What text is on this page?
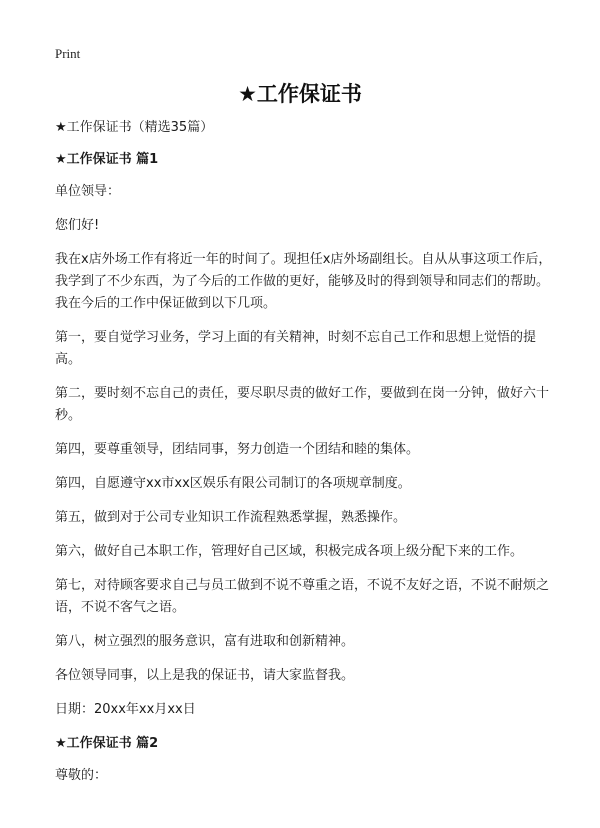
Print
★工作保证书

★工作保证书（精选35篇）

★工作保证书 篇1

单位领导：

您们好!

我在x店外场工作有将近一年的时间了。现担任x店外场副组长。自从从事这项工作后，我学到了不少东西，为了今后的工作做的更好，能够及时的得到领导和同志们的帮助。我在今后的工作中保证做到以下几项。

第一，要自觉学习业务，学习上面的有关精神，时刻不忘自己工作和思想上觉悟的提高。

第二，要时刻不忘自己的责任，要尽职尽责的做好工作，要做到在岗一分钟，做好六十秒。

第四，要尊重领导，团结同事，努力创造一个团结和睦的集体。

第四，自愿遵守xx市xx区娱乐有限公司制订的各项规章制度。

第五，做到对于公司专业知识工作流程熟悉掌握，熟悉操作。

第六，做好自己本职工作，管理好自己区域，积极完成各项上级分配下来的工作。

第七，对待顾客要求自己与员工做到不说不尊重之语，不说不友好之语，不说不耐烦之语，不说不客气之语。

第八，树立强烈的服务意识，富有进取和创新精神。

各位领导同事，以上是我的保证书，请大家监督我。

日期：20xx年xx月xx日

★工作保证书 篇2

尊敬的：
